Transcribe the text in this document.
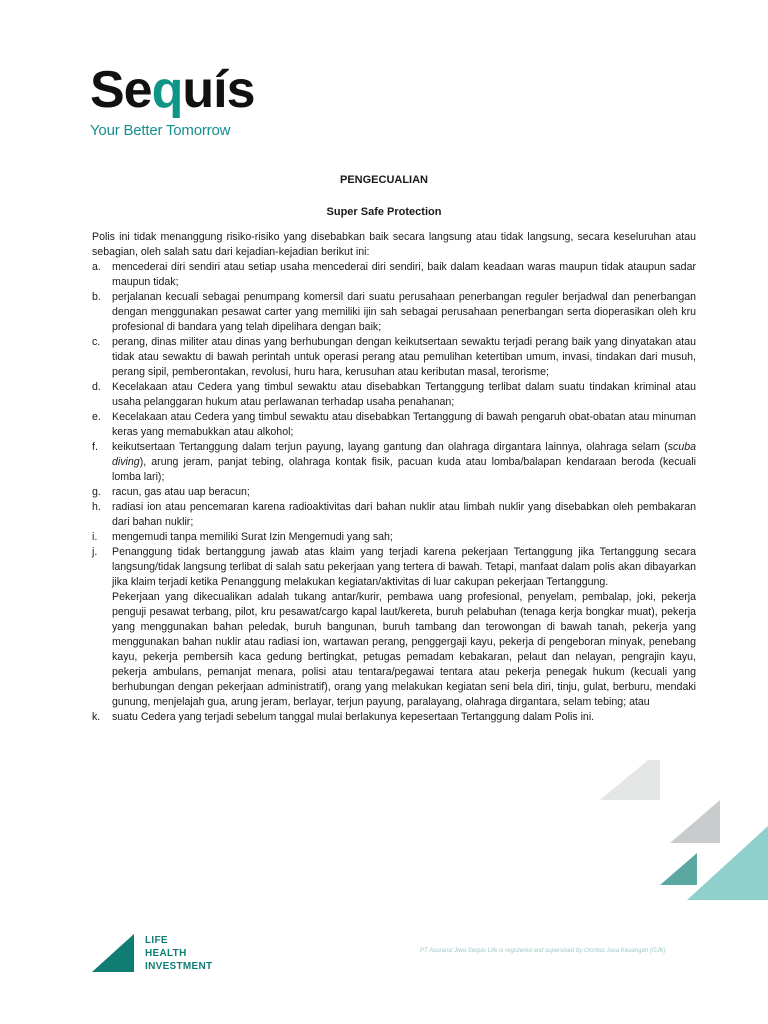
Sequís
Your Better Tomorrow
PENGECUALIAN
Super Safe Protection

Polis ini tidak menanggung risiko-risiko yang disebabkan baik secara langsung atau tidak langsung, secara keseluruhan atau sebagian, oleh salah satu dari kejadian-kejadian berikut ini:

a. mencederai diri sendiri atau setiap usaha mencederai diri sendiri, baik dalam keadaan waras maupun tidak ataupun sadar maupun tidak;
b. perjalanan kecuali sebagai penumpang komersil dari suatu perusahaan penerbangan reguler berjadwal dan penerbangan dengan menggunakan pesawat carter yang memiliki ijin sah sebagai perusahaan penerbangan serta dioperasikan oleh kru profesional di bandara yang telah dipelihara dengan baik;
c. perang, dinas militer atau dinas yang berhubungan dengan keikutsertaan sewaktu terjadi perang baik yang dinyatakan atau tidak atau sewaktu di bawah perintah untuk operasi perang atau pemulihan ketertiban umum, invasi, tindakan dari musuh, perang sipil, pemberontakan, revolusi, huru hara, kerusuhan atau keributan masal, terorisme;
d. Kecelakaan atau Cedera yang timbul sewaktu atau disebabkan Tertanggung terlibat dalam suatu tindakan kriminal atau usaha pelanggaran hukum atau perlawanan terhadap usaha penahanan;
e. Kecelakaan atau Cedera yang timbul sewaktu atau disebabkan Tertanggung di bawah pengaruh obat-obatan atau minuman keras yang memabukkan atau alkohol;
f. keikutsertaan Tertanggung dalam terjun payung, layang gantung dan olahraga dirgantara lainnya, olahraga selam (scuba diving), arung jeram, panjat tebing, olahraga kontak fisik, pacuan kuda atau lomba/balapan kendaraan beroda (kecuali lomba lari);
g. racun, gas atau uap beracun;
h. radiasi ion atau pencemaran karena radioaktivitas dari bahan nuklir atau limbah nuklir yang disebabkan oleh pembakaran dari bahan nuklir;
i. mengemudi tanpa memiliki Surat Izin Mengemudi yang sah;
j. Penanggung tidak bertanggung jawab atas klaim yang terjadi karena pekerjaan Tertanggung jika Tertanggung secara langsung/tidak langsung terlibat di salah satu pekerjaan yang tertera di bawah. Tetapi, manfaat dalam polis akan dibayarkan jika klaim terjadi ketika Penanggung melakukan kegiatan/aktivitas di luar cakupan pekerjaan Tertanggung.

Pekerjaan yang dikecualikan adalah tukang antar/kurir, pembawa uang profesional, penyelam, pembalap, joki, pekerja penguji pesawat terbang, pilot, kru pesawat/cargo kapal laut/kereta, buruh pelabuhan (tenaga kerja bongkar muat), pekerja yang menggunakan bahan peledak, buruh bangunan, buruh tambang dan terowongan di bawah tanah, pekerja yang menggunakan bahan nuklir atau radiasi ion, wartawan perang, penggergaji kayu, pekerja di pengeboran minyak, penebang kayu, pekerja pembersih kaca gedung bertingkat, petugas pemadam kebakaran, pelaut dan nelayan, pengrajin kayu, pekerja ambulans, pemanjat menara, polisi atau tentara/pegawai tentara atau pekerja penegak hukum (kecuali yang berhubungan dengan pekerjaan administratif), orang yang melakukan kegiatan seni bela diri, tinju, gulat, berburu, mendaki gunung, menjelajah gua, arung jeram, berlayar, terjun payung, paralayang, olahraga dirgantara, selam tebing; atau

k. suatu Cedera yang terjadi sebelum tanggal mulai berlakunya kepesertaan Tertanggung dalam Polis ini.
LIFE
HEALTH
INVESTMENT
PT Asuransi Jiwa Sequis Life is registered and supervised by Otoritas Jasa Keuangan (OJK)
